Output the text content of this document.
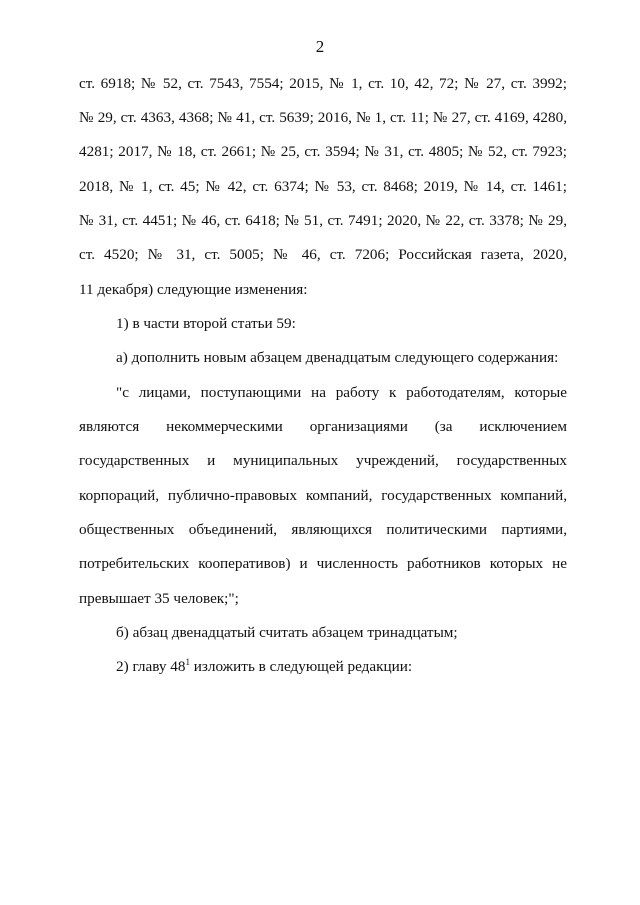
2
ст. 6918; № 52, ст. 7543, 7554; 2015, № 1, ст. 10, 42, 72; № 27, ст. 3992;
№ 29, ст. 4363, 4368; № 41, ст. 5639; 2016, № 1, ст. 11; № 27, ст. 4169, 4280,
4281; 2017, № 18, ст. 2661; № 25, ст. 3594; № 31, ст. 4805; № 52, ст. 7923;
2018, № 1, ст. 45; № 42, ст. 6374; № 53, ст. 8468; 2019, № 14, ст. 1461;
№ 31, ст. 4451; № 46, ст. 6418; № 51, ст. 7491; 2020, № 22, ст. 3378; № 29,
ст. 4520; № 31, ст. 5005; № 46, ст. 7206; Российская газета, 2020,
11 декабря) следующие изменения:
1) в части второй статьи 59:
а) дополнить новым абзацем двенадцатым следующего содержания:
"с лицами, поступающими на работу к работодателям, которые
являются некоммерческими организациями (за исключением
государственных и муниципальных учреждений, государственных
корпораций, публично-правовых компаний, государственных компаний,
общественных объединений, являющихся политическими партиями,
потребительских кооперативов) и численность работников которых не
превышает 35 человек;";
б) абзац двенадцатый считать абзацем тринадцатым;
2) главу $48^1$ изложить в следующей редакции:
